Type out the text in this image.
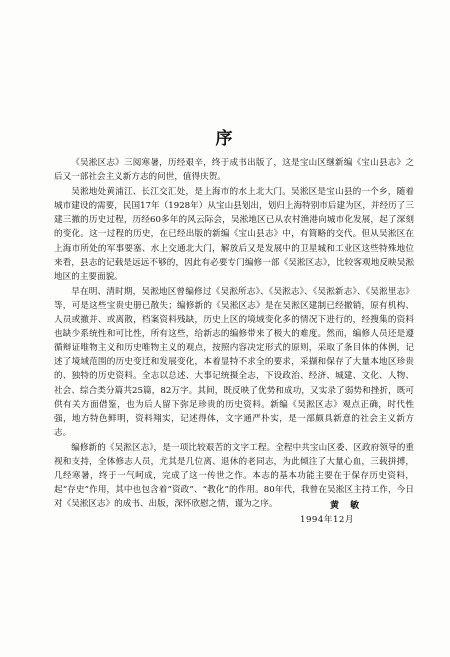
序

《吴淞区志》三阅寒暑，历经艰辛，终于成书出版了，这是宝山区继新编《宝山县志》之后又一部社会主义新方志的问世，值得庆贺。

吴淞地处黄浦江、长江交汇处，是上海市的水上北大门。吴淞区是宝山县的一个乡，随着城市建设的需要，民国17年（1928年）从宝山县划出，划归上海特别市后建为区，并经历了三建三撤的历史过程，历经60多年的风云际会，吴淞地区已从农村渔港向城市化发展，起了深刻的变化。这一过程的历史，在已经出版的新编《宝山县志》中，有简略的交代。但从吴淞区在上海市所处的军事要塞、水上交通北大门，解放后又是发展中的卫星城和工业区这些特殊地位来看，县志的记载是远远不够的，因此有必要专门编修一部《吴淞区志》，比较客观地反映吴淞地区的主要面貌。

早在明、清时期，吴淞地区曾编修过《吴淞所志》、《吴淞志》、《吴淞新志》、《吴淞里志》等，可是这些宝贵史册已散失；编修新的《吴淞区志》是在吴淞区建制已经撤销，原有机构、人员或撤并、或离散，档案资料残缺，历史上区的境域变化多的情况下进行的，经搜集的资料也缺少系统性和可比性，所有这些，给新志的编修带来了极大的难度。然而，编修人员还是遵循辩证唯物主义和历史唯物主义的观点，按照内容决定形式的原则，采取了条目体的体例，记述了境域范围的历史变迁和发展变化，本着显特不求全的要求，采撷和保存了大量本地区珍贵的、独特的历史资料。全志以总述、大事记统摄全志，下设政治、经济、城建、文化、人物、社会、综合类分篇共25篇，82万字。其间，既反映了优势和成功，又实录了弱势和挫折，既可供有关方面借鉴，也为后人留下弥足珍贵的历史资料。新编《吴淞区志》观点正确，时代性强，地方特色鲜明，资料翔实，记述得体，文字通严朴实，是一部颇具新意的社会主义新方志。

编修新的《吴淞区志》，是一项比较艰苦的文字工程。全程中共宝山区委、区政府领导的重视和支持，全体修志人员，尤其是几位离、退休的老同志，为此倾注了大量心血，三载拼搏，几经寒暑，终于一气呵成，完成了这一传世之作。本志的基本功能主要在于保存历史资料，起“存史”作用，其中也包含着“资政”、“教化”的作用。80年代，我曾在吴淞区主持工作，今日对《吴淞区志》的成书、出版，深怀欣慰之情，谨为之序。	黄 敏
1994年12月
